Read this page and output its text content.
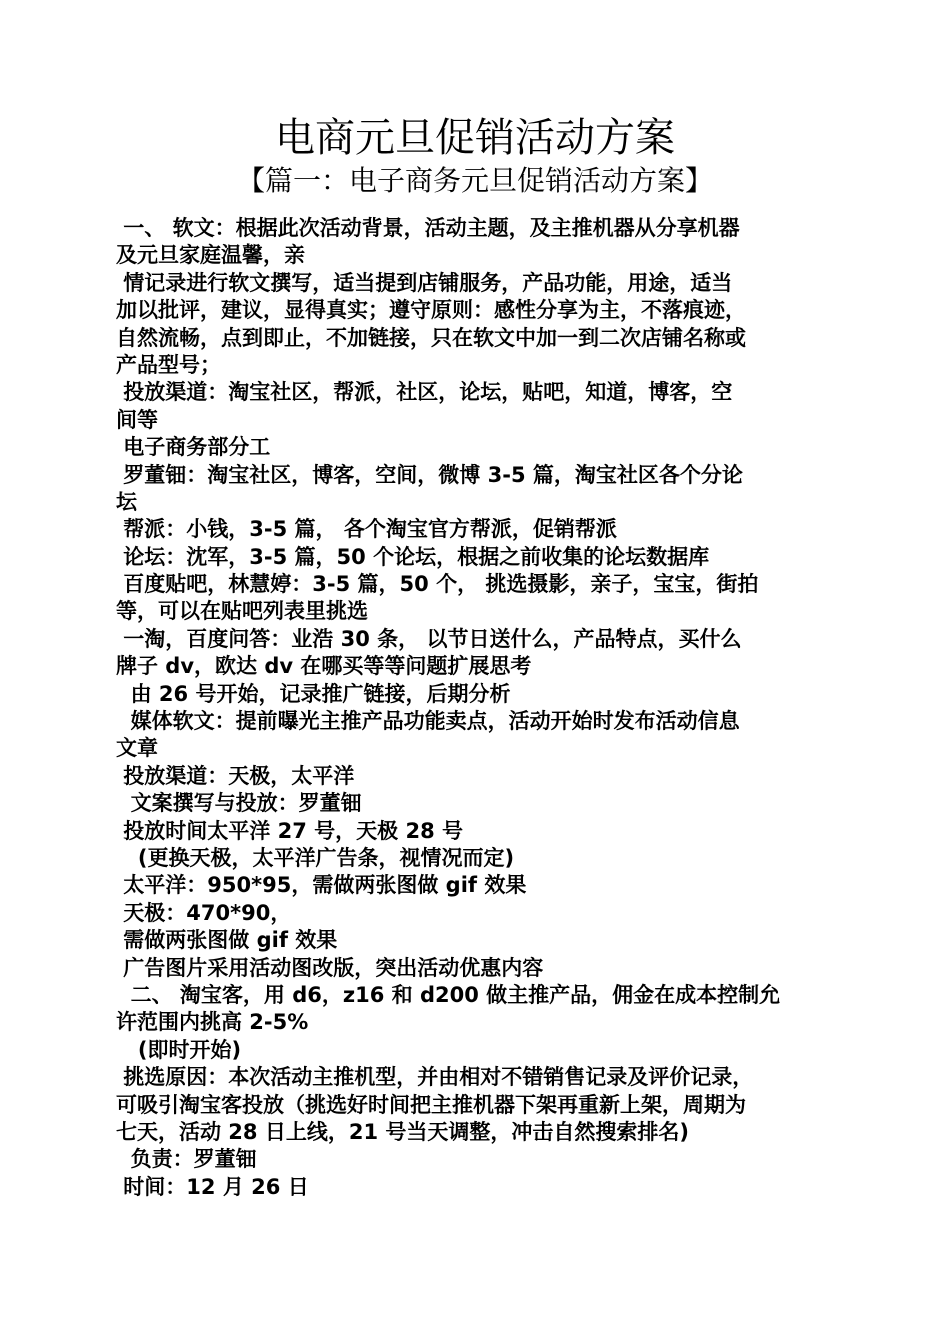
电商元旦促销活动方案
【篇一：电子商务元旦促销活动方案】
一、 软文：根据此次活动背景，活动主题，及主推机器从分享机器
及元旦家庭温馨，亲
情记录进行软文撰写，适当提到店铺服务，产品功能，用途，适当
加以批评，建议，显得真实；遵守原则：感性分享为主，不落痕迹，
自然流畅，点到即止，不加链接，只在软文中加一到二次店铺名称或
产品型号；
投放渠道：淘宝社区，帮派，社区，论坛，贴吧，知道，博客，空
间等
电子商务部分工
罗董钿：淘宝社区，博客，空间，微博 3-5 篇，淘宝社区各个分论
坛
帮派：小钱，3-5 篇， 各个淘宝官方帮派，促销帮派
论坛：沈军，3-5 篇，50 个论坛，根据之前收集的论坛数据库
百度贴吧，林慧婷：3-5 篇，50 个， 挑选摄影，亲子，宝宝，街拍
等，可以在贴吧列表里挑选
一淘，百度问答：业浩 30 条， 以节日送什么，产品特点，买什么
牌子 dv，欧达 dv 在哪买等等问题扩展思考
由 26 号开始，记录推广链接，后期分析
媒体软文：提前曝光主推产品功能卖点，活动开始时发布活动信息
文章
投放渠道：天极，太平洋
文案撰写与投放：罗董钿
投放时间太平洋 27 号，天极 28 号
(更换天极，太平洋广告条，视情况而定)
太平洋：950*95，需做两张图做 gif 效果
天极：470*90，
需做两张图做 gif 效果
广告图片采用活动图改版，突出活动优惠内容
二、 淘宝客，用 d6，z16 和 d200 做主推产品，佣金在成本控制允
许范围内挑高 2-5%
(即时开始)
挑选原因：本次活动主推机型，并由相对不错销售记录及评价记录，
可吸引淘宝客投放（挑选好时间把主推机器下架再重新上架，周期为
七天，活动 28 日上线，21 号当天调整，冲击自然搜索排名)
负责：罗董钿
时间：12 月 26 日
